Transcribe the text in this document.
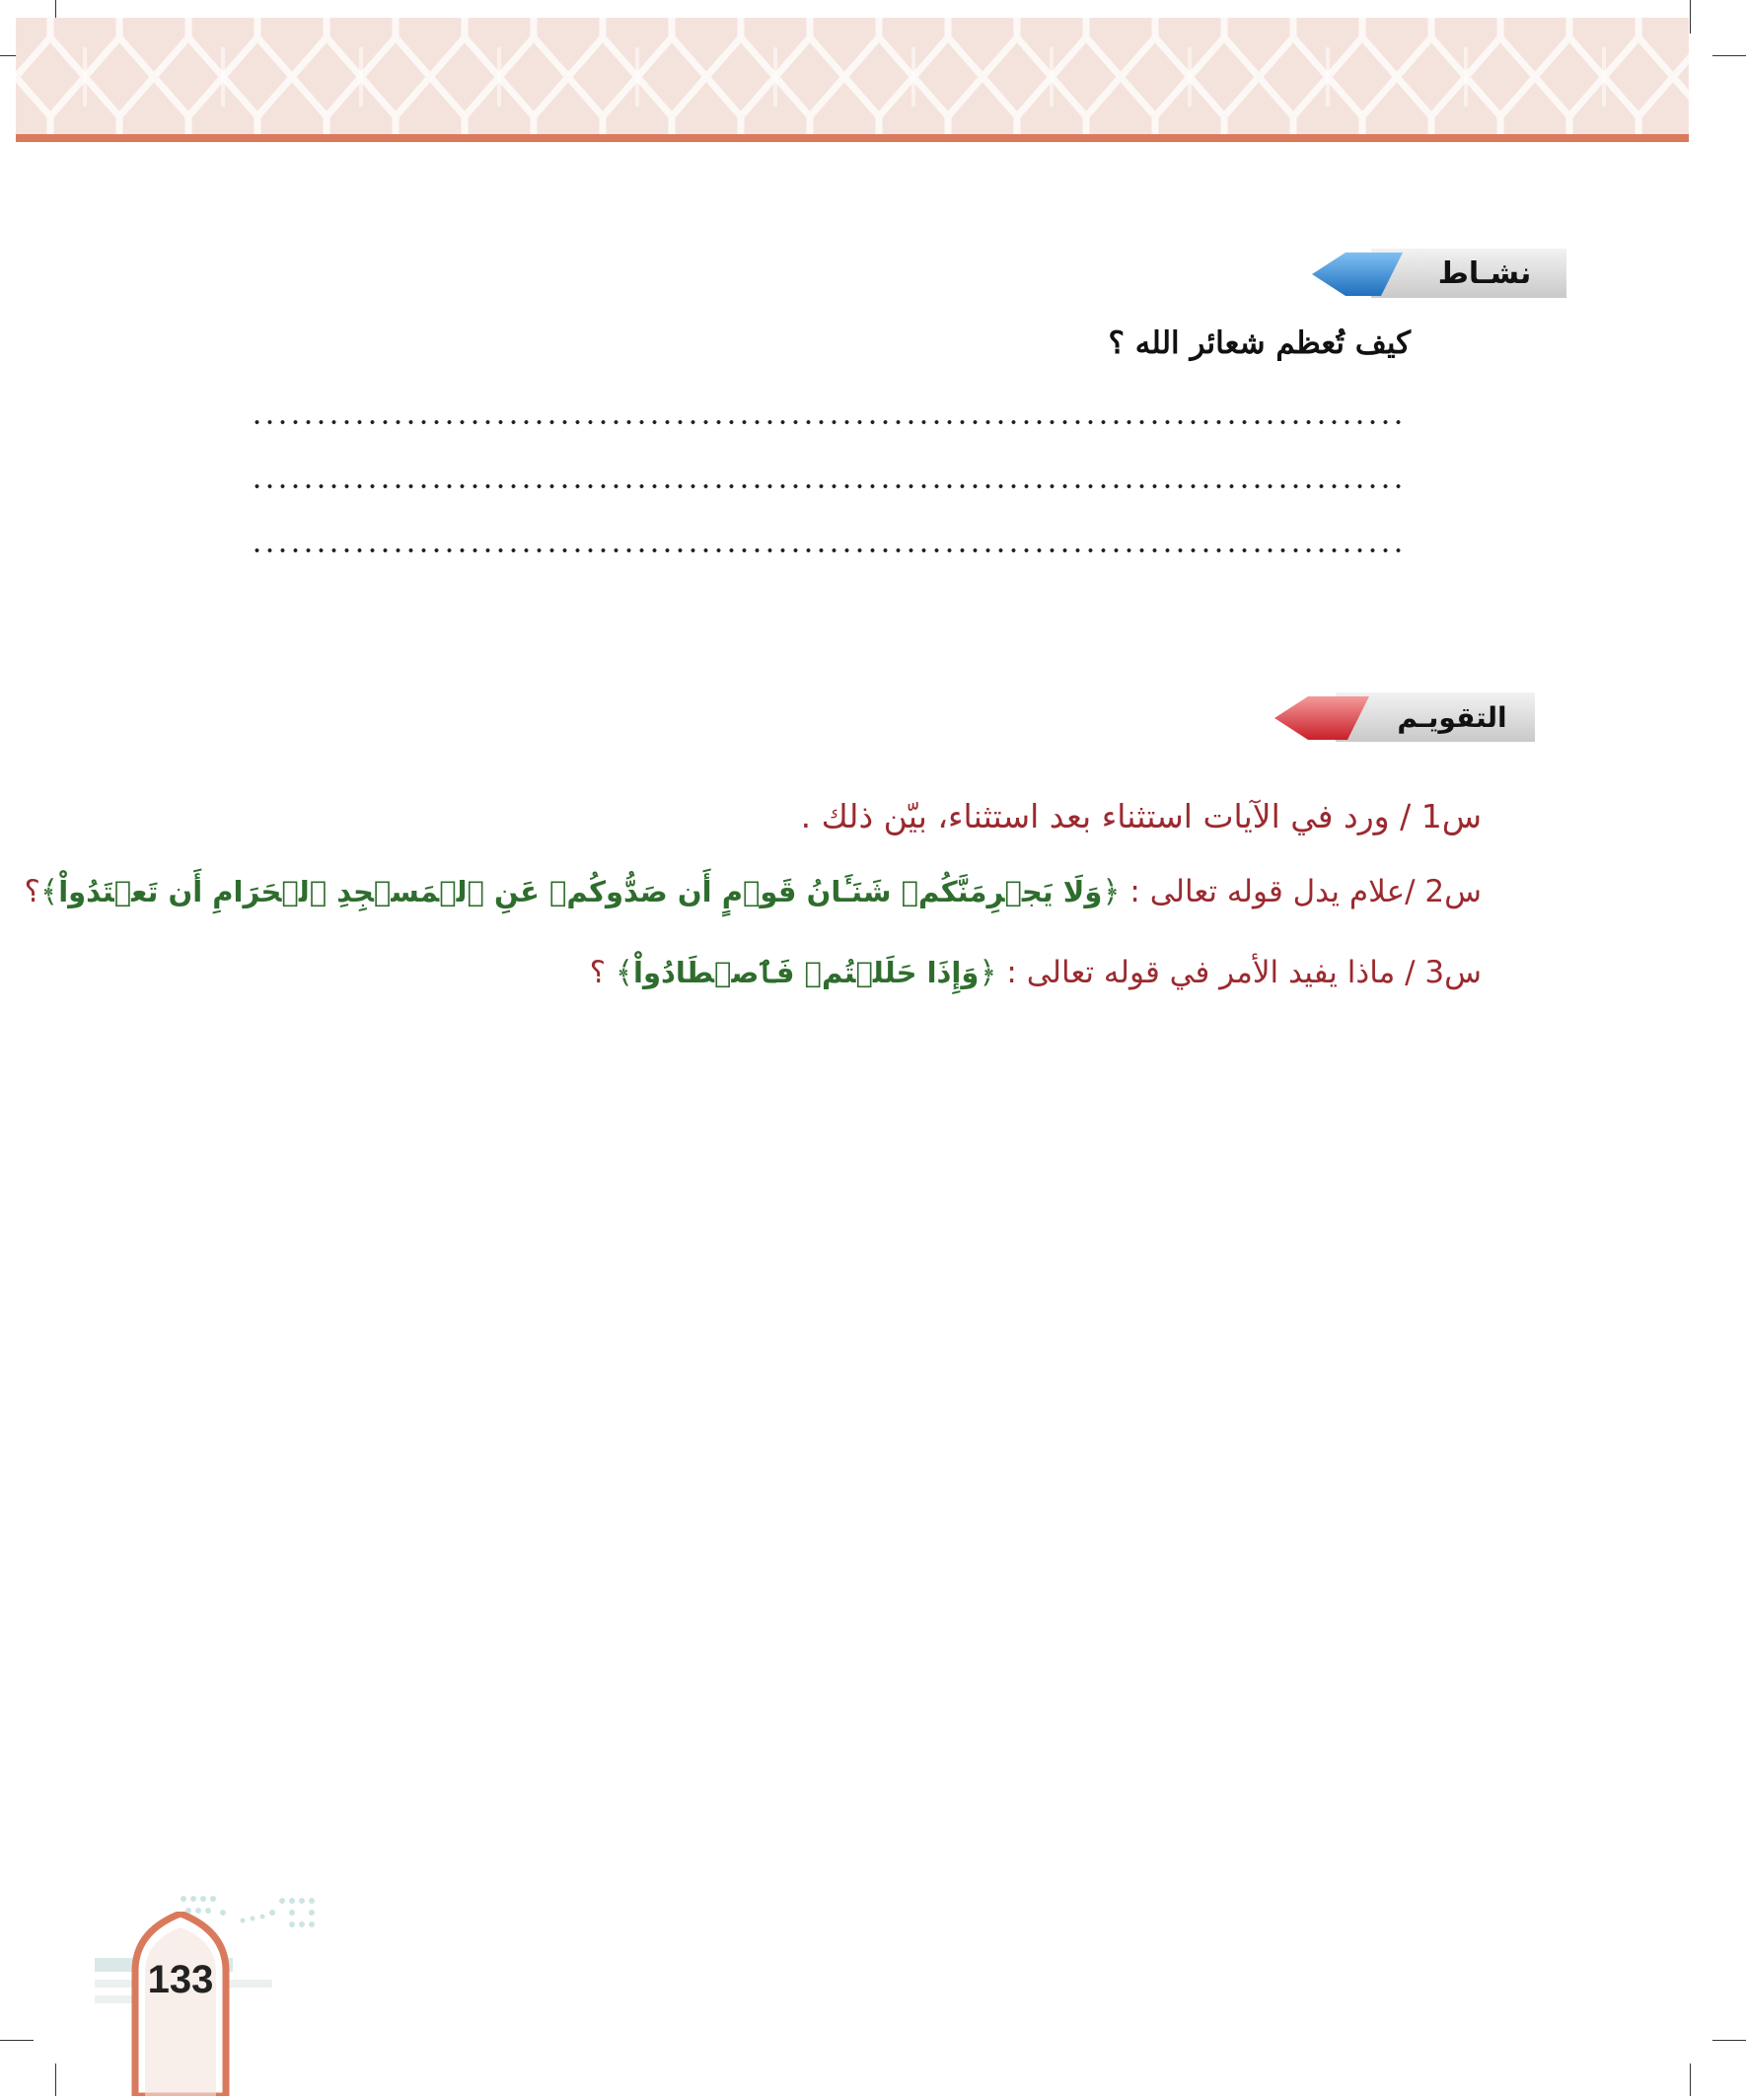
نشـاط
كيف تُعظم شعائر الله ؟
التقويـم
س1 / ورد في الآيات استثناء بعد استثناء، بيّن ذلك .
س2 /علام يدل قوله تعالى : ﴿وَلَا يَجۡرِمَنَّكُمۡ شَنَـَٔانُ قَوۡمٍ أَن صَدُّوكُمۡ عَنِ ٱلۡمَسۡجِدِ ٱلۡحَرَامِ أَن تَعۡتَدُواْ﴾؟
س3 / ماذا يفيد الأمر في قوله تعالى : ﴿وَإِذَا حَلَلۡتُمۡ فَٱصۡطَادُواْ﴾ ؟
133
